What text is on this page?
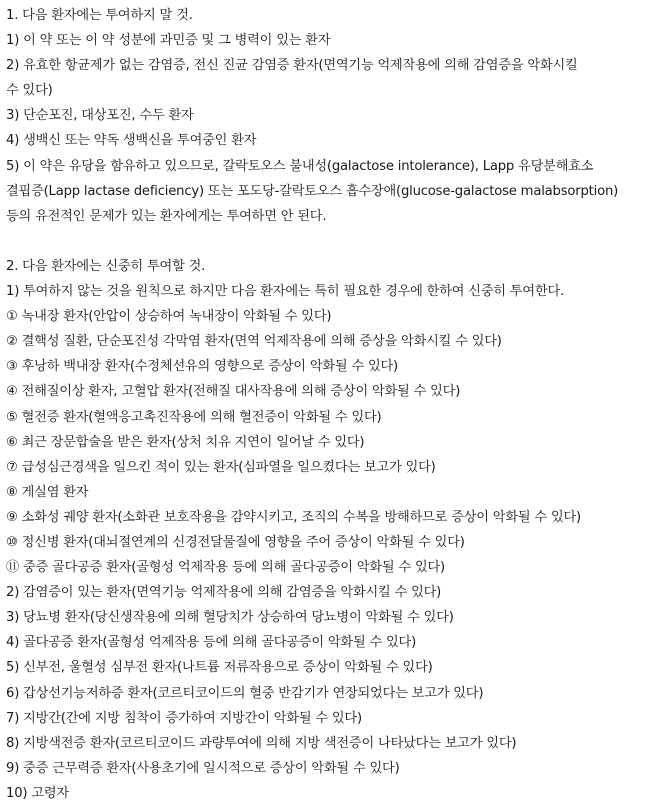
1. 다음 환자에는 투여하지 말 것.
1) 이 약 또는 이 약 성분에 과민증 및 그 병력이 있는 환자
2) 유효한 항균제가 없는 감염증, 전신 진균 감염증 환자(면역기능 억제작용에 의해 감염증을 악화시킬
수 있다)
3) 단순포진, 대상포진, 수두 환자
4) 생백신 또는 약독 생백신을 투여중인 환자
5) 이 약은 유당을 함유하고 있으므로, 갈락토오스 불내성(galactose intolerance), Lapp 유당분해효소
결핍증(Lapp lactase deficiency) 또는 포도당-갈락토오스 흡수장애(glucose-galactose malabsorption)
등의 유전적인 문제가 있는 환자에게는 투여하면 안 된다.
2. 다음 환자에는 신중히 투여할 것.
1) 투여하지 않는 것을 원칙으로 하지만 다음 환자에는 특히 필요한 경우에 한하여 신중히 투여한다.
① 녹내장 환자(안압이 상승하여 녹내장이 악화될 수 있다)
② 결핵성 질환, 단순포진성 각막염 환자(면역 억제작용에 의해 증상을 악화시킬 수 있다)
③ 후낭하 백내장 환자(수정체선유의 영향으로 증상이 악화될 수 있다)
④ 전해질이상 환자, 고혈압 환자(전해질 대사작용에 의해 증상이 악화될 수 있다)
⑤ 혈전증 환자(혈액응고촉진작용에 의해 혈전증이 악화될 수 있다)
⑥ 최근 장문합술을 받은 환자(상처 치유 지연이 일어날 수 있다)
⑦ 급성심근경색을 일으킨 적이 있는 환자(심파열을 일으켰다는 보고가 있다)
⑧ 게실염 환자
⑨ 소화성 궤양 환자(소화관 보호작용을 감약시키고, 조직의 수복을 방해하므로 증상이 악화될 수 있다)
⑩ 정신병 환자(대뇌절연계의 신경전달물질에 영향을 주어 증상이 악화될 수 있다)
⑪ 중증 골다공증 환자(골형성 억제작용 등에 의해 골다공증이 악화될 수 있다)
2) 감염증이 있는 환자(면역기능 억제작용에 의해 감염증을 악화시킬 수 있다)
3) 당뇨병 환자(당신생작용에 의해 혈당치가 상승하여 당뇨병이 악화될 수 있다)
4) 골다공증 환자(골형성 억제작용 등에 의해 골다공증이 악화될 수 있다)
5) 신부전, 울혈성 심부전 환자(나트륨 저류작용으로 증상이 악화될 수 있다)
6) 갑상선기능저하증 환자(코르티코이드의 혈중 반감기가 연장되었다는 보고가 있다)
7) 지방간(간에 지방 침착이 증가하여 지방간이 악화될 수 있다)
8) 지방색전증 환자(코르티코이드 과량투여에 의해 지방 색전증이 나타났다는 보고가 있다)
9) 중증 근무력증 환자(사용초기에 일시적으로 증상이 악화될 수 있다)
10) 고령자
